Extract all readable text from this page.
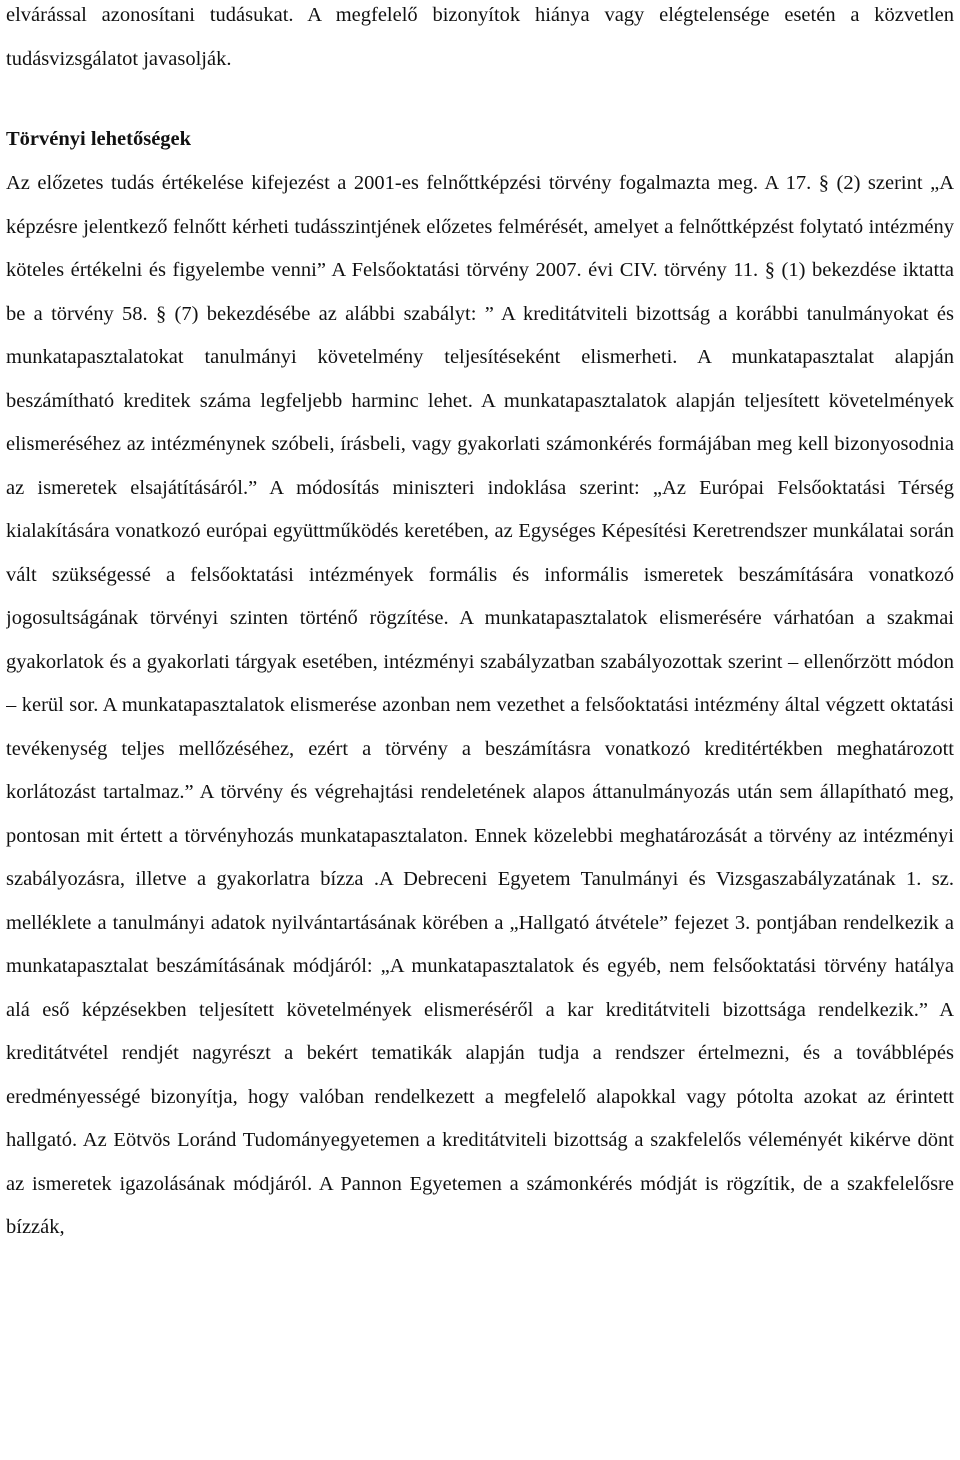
elvárással azonosítani tudásukat. A megfelelő bizonyítok hiánya vagy elégtelensége esetén a közvetlen tudásvizsgálatot javasolják.

Törvényi lehetőségek

Az előzetes tudás értékelése kifejezést a 2001-es felnőttképzési törvény fogalmazta meg. A 17. § (2) szerint „A képzésre jelentkező felnőtt kérheti tudásszintjének előzetes felmérését, amelyet a felnőttképzést folytató intézmény köteles értékelni és figyelembe venni” A Felsőoktatási törvény 2007. évi CIV. törvény 11. § (1) bekezdése iktatta be a törvény 58. § (7) bekezdésébe az alábbi szabályt: ” A kreditátviteli bizottság a korábbi tanulmányokat és munkatapasztalatokat tanulmányi követelmény teljesítéseként elismerheti. A munkatapasztalat alapján beszámítható kreditek száma legfeljebb harminc lehet. A munkatapasztalatok alapján teljesített követelmények elismeréséhez az intézménynek szóbeli, írásbeli, vagy gyakorlati számonkérés formájában meg kell bizonyosodnia az ismeretek elsajátításáról.” A módosítás miniszteri indoklása szerint: „Az Európai Felsőoktatási Térség kialakítására vonatkozó európai együttműködés keretében, az Egységes Képesítési Keretrendszer munkálatai során vált szükségessé a felsőoktatási intézmények formális és informális ismeretek beszámítására vonatkozó jogosultságának törvényi szinten történő rögzítése. A munkatapasztalatok elismerésére várhatóan a szakmai gyakorlatok és a gyakorlati tárgyak esetében, intézményi szabályzatban szabályozottak szerint – ellenőrzött módon – kerül sor. A munkatapasztalatok elismerése azonban nem vezethet a felsőoktatási intézmény által végzett oktatási tevékenység teljes mellőzéséhez, ezért a törvény a beszámításra vonatkozó kreditértékben meghatározott korlátozást tartalmaz.” A törvény és végrehajtási rendeletének alapos áttanulmányozás után sem állapítható meg, pontosan mit értett a törvényhozás munkatapasztalaton. Ennek közelebbi meghatározását a törvény az intézményi szabályozásra, illetve a gyakorlatra bízza .A Debreceni Egyetem Tanulmányi és Vizsgaszabályzatának 1. sz. melléklete a tanulmányi adatok nyilvántartásának körében a „Hallgató átvétele” fejezet 3. pontjában rendelkezik a munkatapasztalat beszámításának módjáról: „A munkatapasztalatok és egyéb, nem felsőoktatási törvény hatálya alá eső képzésekben teljesített követelmények elismeréséről a kar kreditátviteli bizottsága rendelkezik.” A kreditátvétel rendjét nagyrészt a bekért tematikák alapján tudja a rendszer értelmezni, és a továbblépés eredményességé bizonyítja, hogy valóban rendelkezett a megfelelő alapokkal vagy pótolta azokat az érintett hallgató. Az Eötvös Loránd Tudományegyetemen a kreditátviteli bizottság a szakfelelős véleményét kikérve dönt az ismeretek igazolásának módjáról. A Pannon Egyetemen a számonkérés módját is rögzítik, de a szakfelelősre bízzák,
